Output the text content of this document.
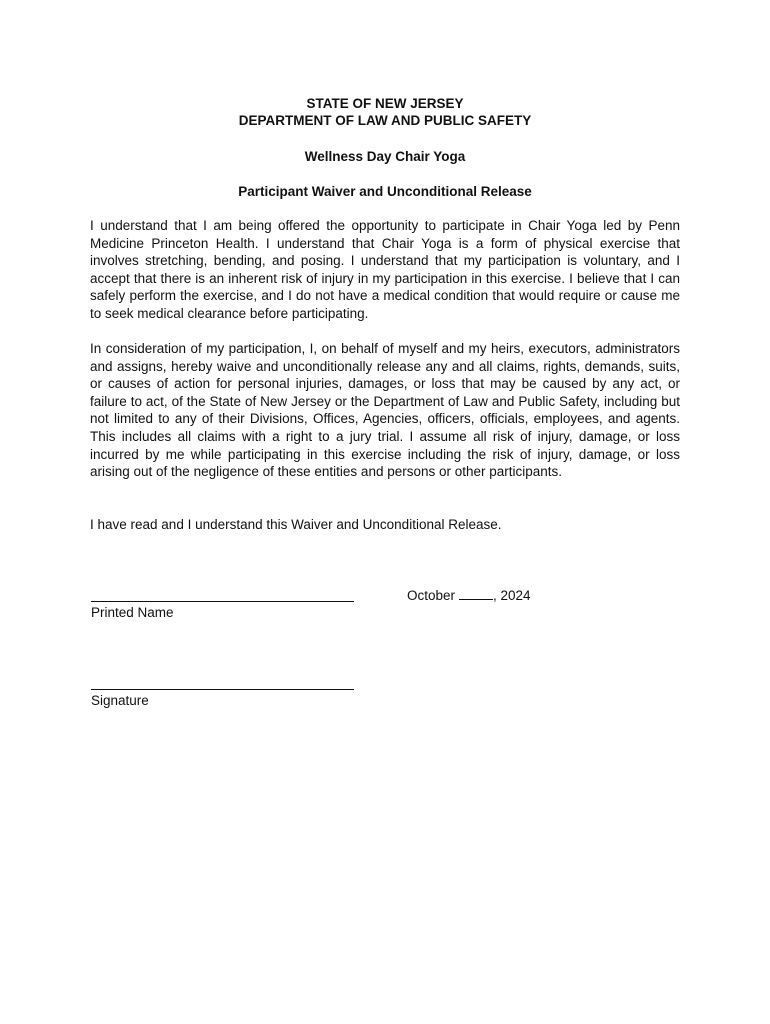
STATE OF NEW JERSEY
DEPARTMENT OF LAW AND PUBLIC SAFETY
Wellness Day Chair Yoga
Participant Waiver and Unconditional Release

I understand that I am being offered the opportunity to participate in Chair Yoga led by Penn Medicine Princeton Health. I understand that Chair Yoga is a form of physical exercise that involves stretching, bending, and posing. I understand that my participation is voluntary, and I accept that there is an inherent risk of injury in my participation in this exercise. I believe that I can safely perform the exercise, and I do not have a medical condition that would require or cause me to seek medical clearance before participating.

In consideration of my participation, I, on behalf of myself and my heirs, executors, administrators and assigns, hereby waive and unconditionally release any and all claims, rights, demands, suits, or causes of action for personal injuries, damages, or loss that may be caused by any act, or failure to act, of the State of New Jersey or the Department of Law and Public Safety, including but not limited to any of their Divisions, Offices, Agencies, officers, officials, employees, and agents. This includes all claims with a right to a jury trial. I assume all risk of injury, damage, or loss incurred by me while participating in this exercise including the risk of injury, damage, or loss arising out of the negligence of these entities and persons or other participants.

I have read and I understand this Waiver and Unconditional Release.

October	, 2024
Printed Name
Signature
